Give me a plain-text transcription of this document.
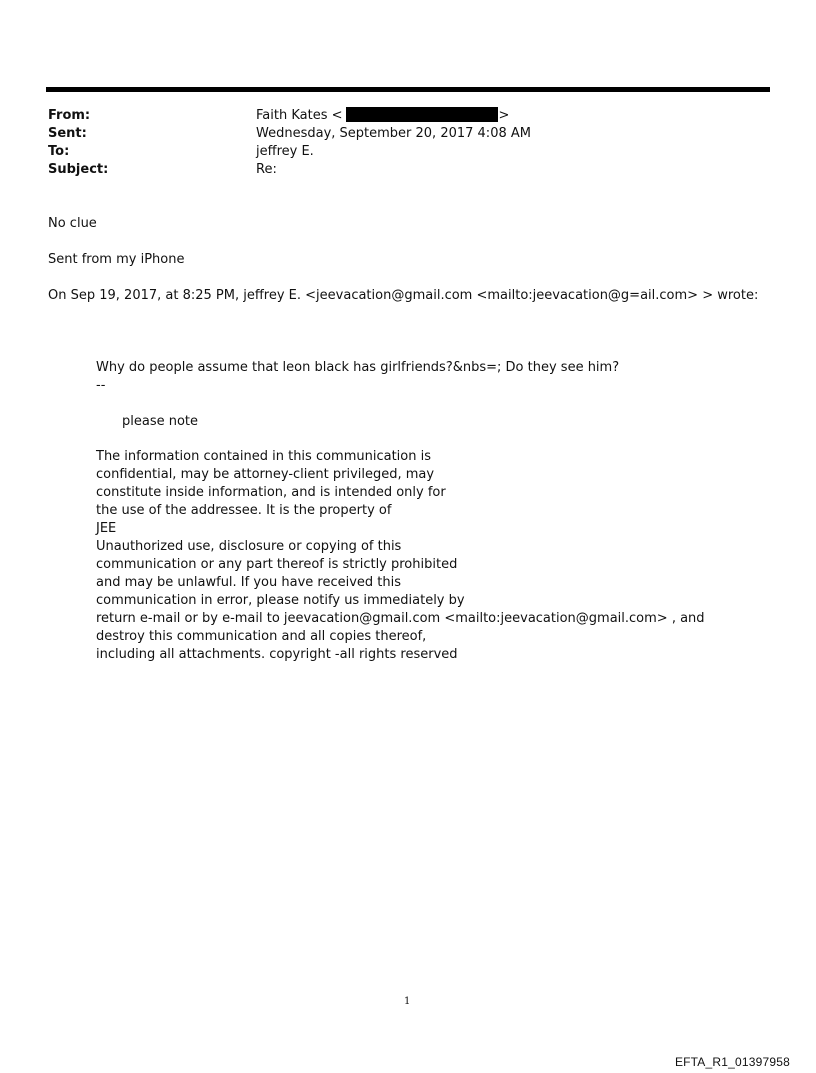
From:	Faith Kates <	>
Sent:	Wednesday, September 20, 2017 4:08 AM
To:	jeffrey E.
Subject:	Re:
No clue
Sent from my iPhone
On Sep 19, 2017, at 8:25 PM, jeffrey E. <jeevacation@gmail.com <mailto:jeevacation@g=ail.com> > wrote:
Why do people assume that leon black has girlfriends?&nbs=; Do they see him?
--
please note
The information contained in this communication is
confidential, may be attorney-client privileged, may
constitute inside information, and is intended only for
the use of the addressee. It is the property of
JEE
Unauthorized use, disclosure or copying of this
communication or any part thereof is strictly prohibited
and may be unlawful. If you have received this
communication in error, please notify us immediately by
return e-mail or by e-mail to jeevacation@gmail.com <mailto:jeevacation@gmail.com> , and
destroy this communication and all copies thereof,
including all attachments. copyright -all rights reserved
1
EFTA_R1_01397958
